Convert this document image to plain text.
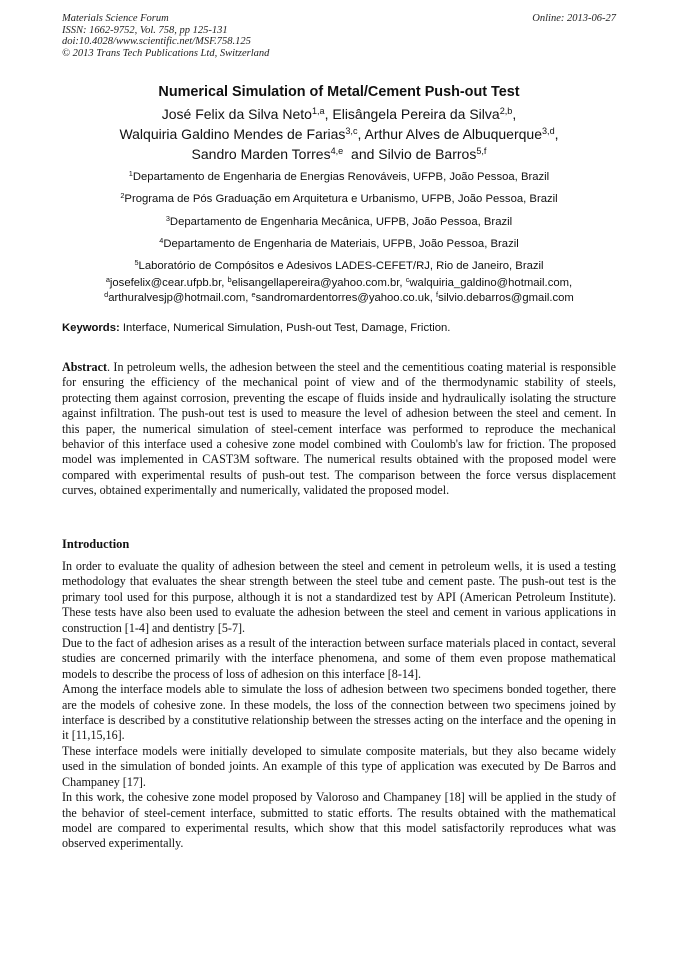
Materials Science Forum
ISSN: 1662-9752, Vol. 758, pp 125-131
doi:10.4028/www.scientific.net/MSF.758.125
© 2013 Trans Tech Publications Ltd, Switzerland
Online: 2013-06-27
Numerical Simulation of Metal/Cement Push-out Test
José Felix da Silva Neto$^{1,a}$, Elisângela Pereira da Silva$^{2,b}$,
Walquiria Galdino Mendes de Farias$^{3,c}$, Arthur Alves de Albuquerque$^{3,d}$,
Sandro Marden Torres$^{4,e}$ and Silvio de Barros$^{5,f}$
$^1$Departamento de Engenharia de Energias Renováveis, UFPB, João Pessoa, Brazil
$^2$Programa de Pós Graduação em Arquitetura e Urbanismo, UFPB, João Pessoa, Brazil
$^3$Departamento de Engenharia Mecânica, UFPB, João Pessoa, Brazil
$^4$Departamento de Engenharia de Materiais, UFPB, João Pessoa, Brazil
$^5$Laboratório de Compósitos e Adesivos LADES-CEFET/RJ, Rio de Janeiro, Brazil
$^a$josefelix@cear.ufpb.br, $^b$elisangellapereira@yahoo.com.br, $^c$walquiria_galdino@hotmail.com,
$^d$arthuralvesjp@hotmail.com, $^e$sandromardentorres@yahoo.co.uk, $^f$silvio.debarros@gmail.com
Keywords: Interface, Numerical Simulation, Push-out Test, Damage, Friction.
Abstract. In petroleum wells, the adhesion between the steel and the cementitious coating material is responsible for ensuring the efficiency of the mechanical point of view and of the thermodynamic stability of steels, protecting them against corrosion, preventing the escape of fluids inside and hydraulically isolating the structure against infiltration. The push-out test is used to measure the level of adhesion between the steel and cement. In this paper, the numerical simulation of steel-cement interface was performed to reproduce the mechanical behavior of this interface used a cohesive zone model combined with Coulomb's law for friction. The proposed model was implemented in CAST3M software. The numerical results obtained with the proposed model were compared with experimental results of push-out test. The comparison between the force versus displacement curves, obtained experimentally and numerically, validated the proposed model.
Introduction

In order to evaluate the quality of adhesion between the steel and cement in petroleum wells, it is used a testing methodology that evaluates the shear strength between the steel tube and cement paste. The push-out test is the primary tool used for this purpose, although it is not a standardized test by API (American Petroleum Institute). These tests have also been used to evaluate the adhesion between the steel and cement in various applications in construction [1-4] and dentistry [5-7].

Due to the fact of adhesion arises as a result of the interaction between surface materials placed in contact, several studies are concerned primarily with the interface phenomena, and some of them even propose mathematical models to describe the process of loss of adhesion on this interface [8-14].

Among the interface models able to simulate the loss of adhesion between two specimens bonded together, there are the models of cohesive zone. In these models, the loss of the connection between two specimens joined by interface is described by a constitutive relationship between the stresses acting on the interface and the opening in it [11,15,16].

These interface models were initially developed to simulate composite materials, but they also became widely used in the simulation of bonded joints. An example of this type of application was executed by De Barros and Champaney [17].

In this work, the cohesive zone model proposed by Valoroso and Champaney [18] will be applied in the study of the behavior of steel-cement interface, submitted to static efforts. The results obtained with the mathematical model are compared to experimental results, which show that this model satisfactorily reproduces what was observed experimentally.
